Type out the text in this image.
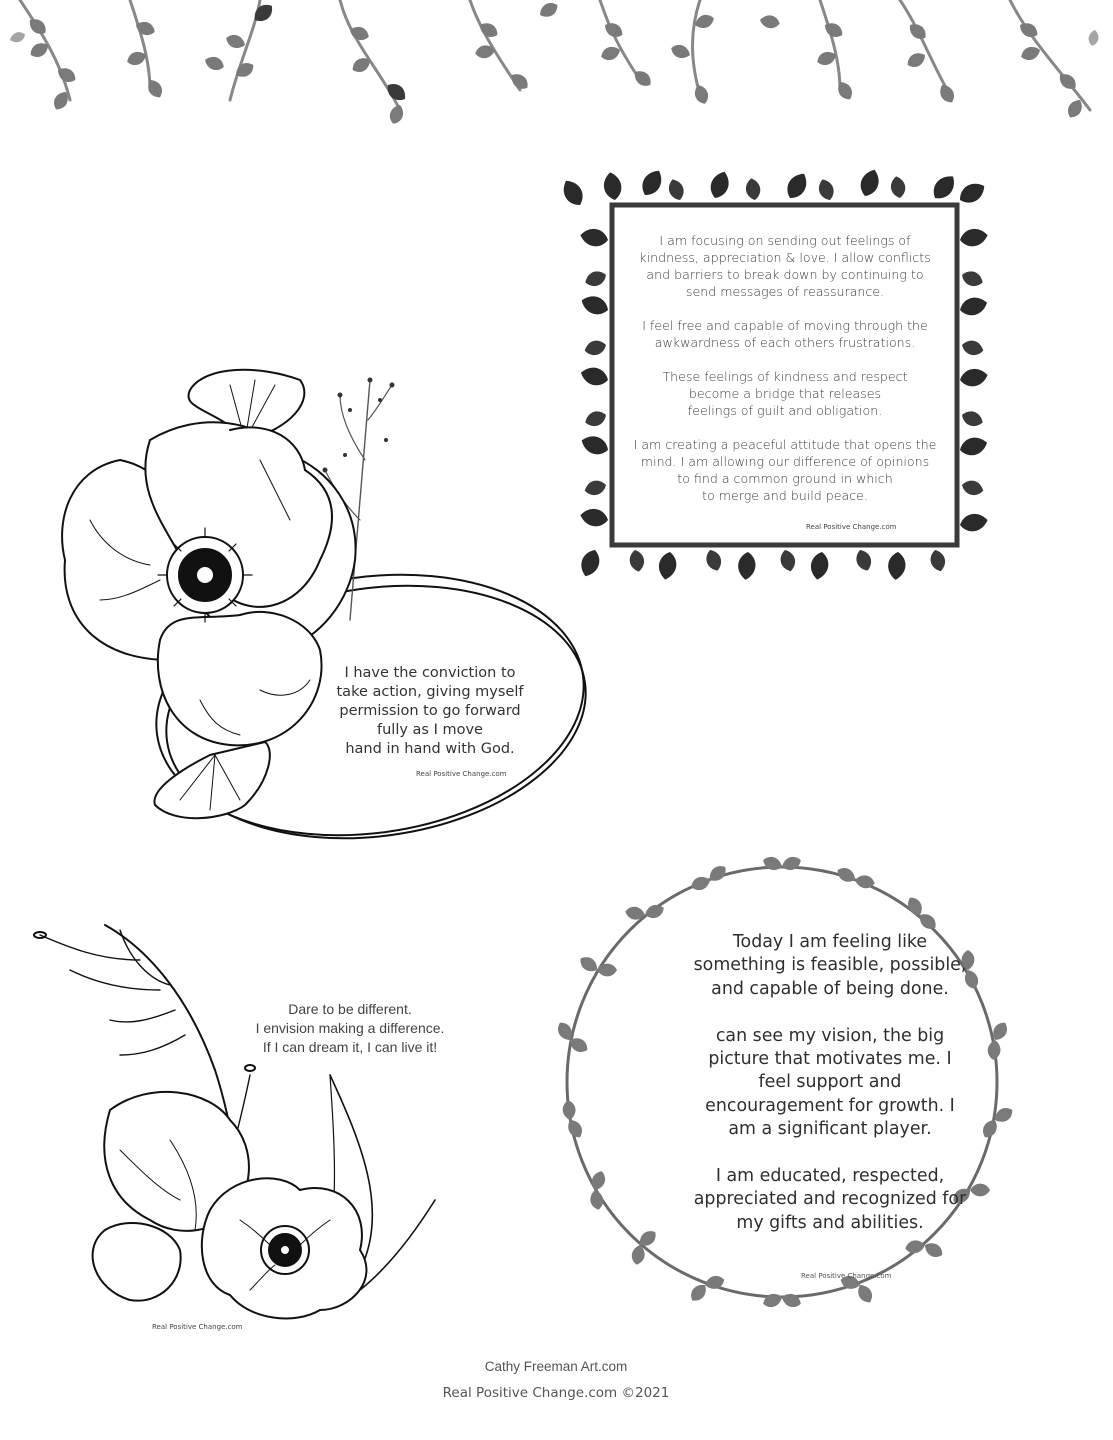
I am focusing on sending out feelings of
kindness, appreciation & love. I allow conflicts
and barriers to break down by continuing to
send messages of reassurance.

I feel free and capable of moving through the
awkwardness of each others frustrations.

These feelings of kindness and respect
become a bridge that releases
feelings of guilt and obligation.

I am creating a peaceful attitude that opens the
mind. I am allowing our difference of opinions
to find a common ground in which
to merge and build peace.
Real Positive Change.com
I have the conviction to
take action, giving myself
permission to go forward
fully as I move
hand in hand with God.
Real Positive Change.com
Dare to be different.
I envision making a difference.
If I can dream it, I can live it!
Real Positive Change.com
Today I am feeling like
something is feasible, possible,
and capable of being done.

can see my vision, the big
picture that motivates me. I
feel support and
encouragement for growth. I
am a significant player.

I am educated, respected,
appreciated and recognized for
my gifts and abilities.
Real Positive Change.com
Cathy Freeman Art.com
Real Positive Change.com ©2021
